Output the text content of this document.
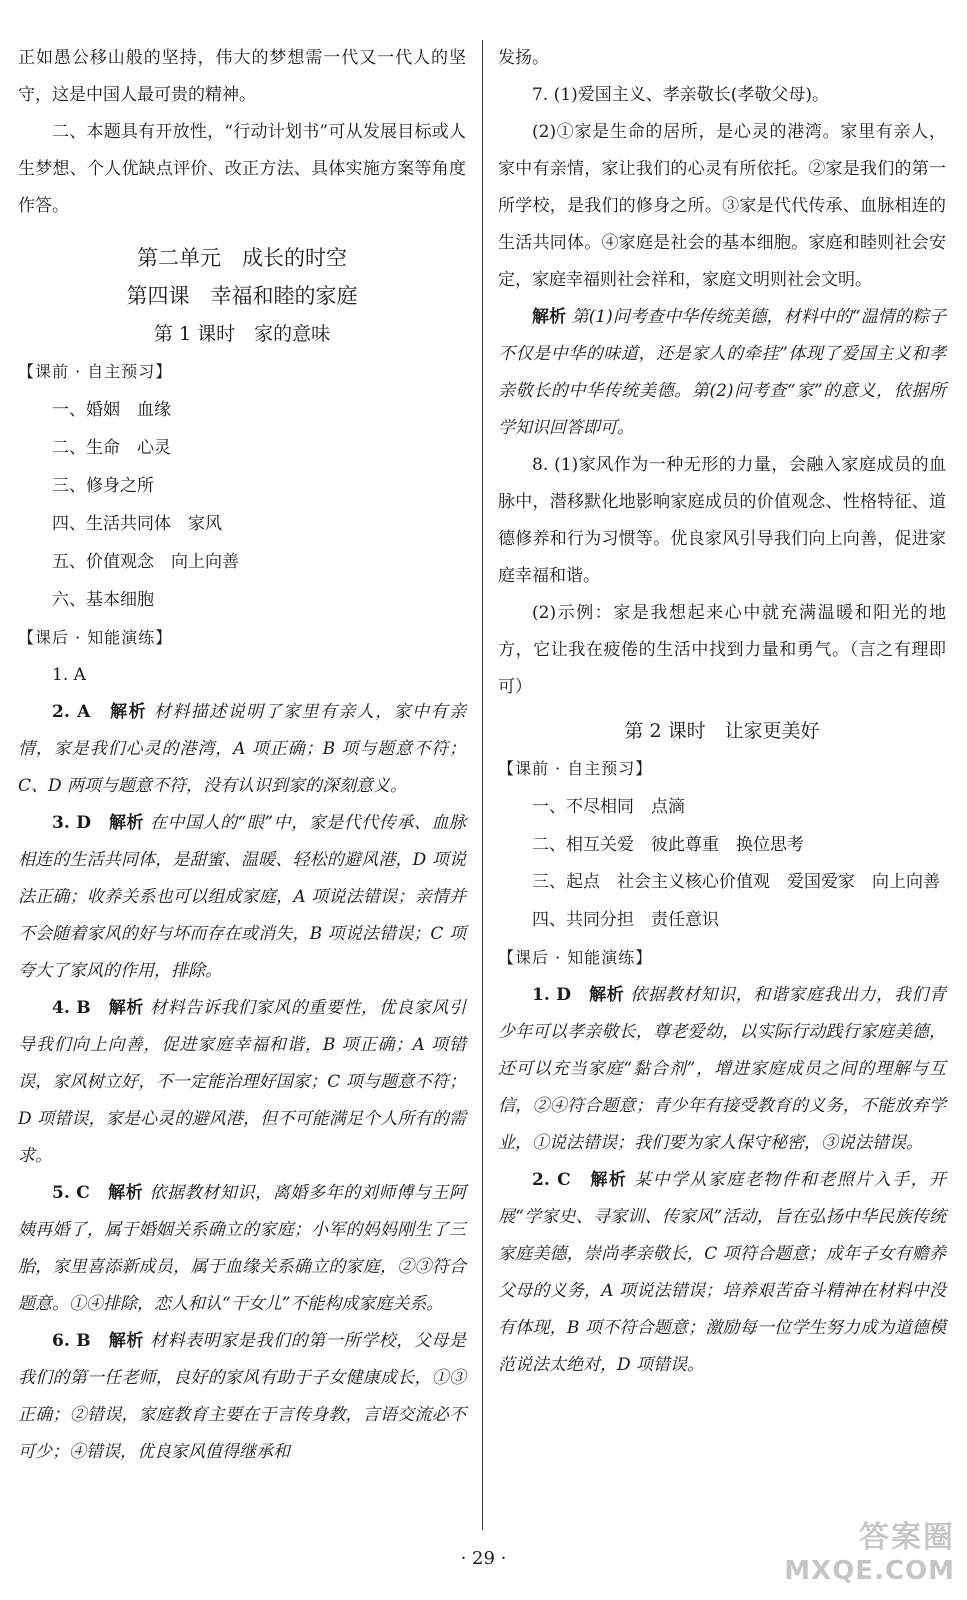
正如愚公移山般的坚持，伟大的梦想需一代又一代人的坚守，这是中国人最可贵的精神。

二、本题具有开放性，“行动计划书”可从发展目标或人生梦想、个人优缺点评价、改正方法、具体实施方案等角度作答。

第二单元　成长的时空

第四课　幸福和睦的家庭

第 1 课时　家的意味

【课前 · 自主预习】

一、婚姻　血缘

二、生命　心灵

三、修身之所

四、生活共同体　家风

五、价值观念　向上向善

六、基本细胞

【课后 · 知能演练】

1. A

2. A　解析 材料描述说明了家里有亲人，家中有亲情，家是我们心灵的港湾，A 项正确；B 项与题意不符；C、D 两项与题意不符，没有认识到家的深刻意义。

3. D　解析 在中国人的“眼”中，家是代代传承、血脉相连的生活共同体，是甜蜜、温暖、轻松的避风港，D 项说法正确；收养关系也可以组成家庭，A 项说法错误；亲情并不会随着家风的好与坏而存在或消失，B 项说法错误；C 项夸大了家风的作用，排除。

4. B　解析 材料告诉我们家风的重要性，优良家风引导我们向上向善，促进家庭幸福和谐，B 项正确；A 项错误，家风树立好，不一定能治理好国家；C 项与题意不符；D 项错误，家是心灵的避风港，但不可能满足个人所有的需求。

5. C　解析 依据教材知识，离婚多年的刘师傅与王阿姨再婚了，属于婚姻关系确立的家庭；小军的妈妈刚生了三胎，家里喜添新成员，属于血缘关系确立的家庭，②③符合题意。①④排除，恋人和认“干女儿”不能构成家庭关系。

6. B　解析 材料表明家是我们的第一所学校，父母是我们的第一任老师，良好的家风有助于子女健康成长，①③正确；②错误，家庭教育主要在于言传身教，言语交流必不可少；④错误，优良家风值得继承和

发扬。

7. (1)爱国主义、孝亲敬长(孝敬父母)。

(2)①家是生命的居所，是心灵的港湾。家里有亲人，家中有亲情，家让我们的心灵有所依托。②家是我们的第一所学校，是我们的修身之所。③家是代代传承、血脉相连的生活共同体。④家庭是社会的基本细胞。家庭和睦则社会安定，家庭幸福则社会祥和，家庭文明则社会文明。

解析 第(1)问考查中华传统美德，材料中的“温情的粽子不仅是中华的味道，还是家人的牵挂”体现了爱国主义和孝亲敬长的中华传统美德。第(2)问考查“家”的意义，依据所学知识回答即可。

8. (1)家风作为一种无形的力量，会融入家庭成员的血脉中，潜移默化地影响家庭成员的价值观念、性格特征、道德修养和行为习惯等。优良家风引导我们向上向善，促进家庭幸福和谐。

(2)示例：家是我想起来心中就充满温暖和阳光的地方，它让我在疲倦的生活中找到力量和勇气。（言之有理即可）

第 2 课时　让家更美好

【课前 · 自主预习】

一、不尽相同　点滴

二、相互关爱　彼此尊重　换位思考

三、起点　社会主义核心价值观　爱国爱家　向上向善

四、共同分担　责任意识

【课后 · 知能演练】

1. D　解析 依据教材知识，和谐家庭我出力，我们青少年可以孝亲敬长，尊老爱幼，以实际行动践行家庭美德，还可以充当家庭“黏合剂”，增进家庭成员之间的理解与互信，②④符合题意；青少年有接受教育的义务，不能放弃学业，①说法错误；我们要为家人保守秘密，③说法错误。

2. C　解析 某中学从家庭老物件和老照片入手，开展“学家史、寻家训、传家风”活动，旨在弘扬中华民族传统家庭美德，崇尚孝亲敬长，C 项符合题意；成年子女有赡养父母的义务，A 项说法错误；培养艰苦奋斗精神在材料中没有体现，B 项不符合题意；激励每一位学生努力成为道德模范说法太绝对，D 项错误。

· 29 ·
答案圈
MXQE.COM
